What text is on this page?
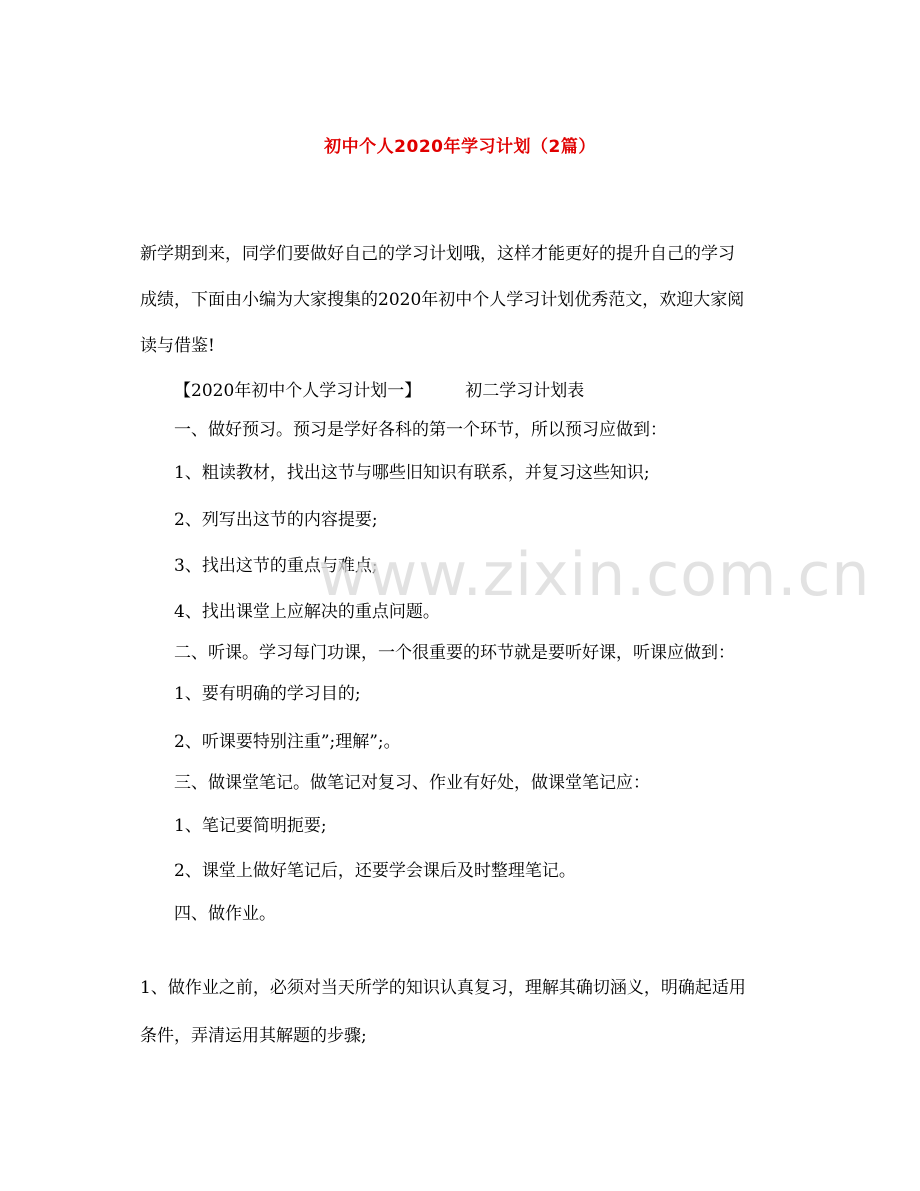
初中个人2020年学习计划（2篇）
新学期到来，同学们要做好自己的学习计划哦，这样才能更好的提升自己的学习
成绩，下面由小编为大家搜集的2020年初中个人学习计划优秀范文，欢迎大家阅
读与借鉴!
【2020年初中个人学习计划一】	初二学习计划表
一、做好预习。预习是学好各科的第一个环节，所以预习应做到：
1、粗读教材，找出这节与哪些旧知识有联系，并复习这些知识;
2、列写出这节的内容提要;
3、找出这节的重点与难点;
4、找出课堂上应解决的重点问题。
二、听课。学习每门功课，一个很重要的环节就是要听好课，听课应做到：
1、要有明确的学习目的;
2、听课要特别注重”;理解”;。
三、做课堂笔记。做笔记对复习、作业有好处，做课堂笔记应：
1、笔记要简明扼要;
2、课堂上做好笔记后，还要学会课后及时整理笔记。
四、做作业。
1、做作业之前，必须对当天所学的知识认真复习，理解其确切涵义，明确起适用
条件，弄清运用其解题的步骤;
www.zixin.com.cn
